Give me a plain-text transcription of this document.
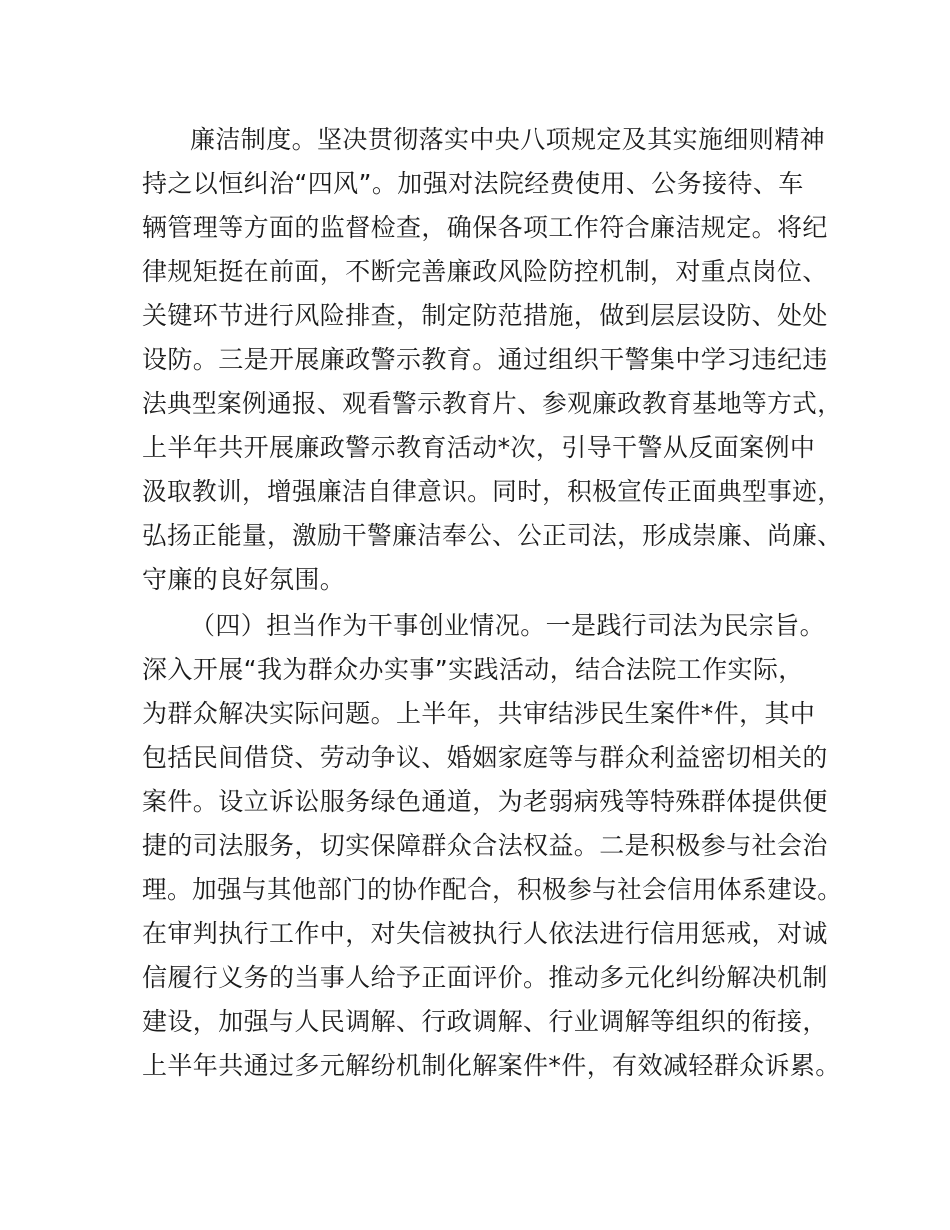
廉洁制度。坚决贯彻落实中央八项规定及其实施细则精神
持之以恒纠治“四风”。加强对法院经费使用、公务接待、车
辆管理等方面的监督检查，确保各项工作符合廉洁规定。将纪
律规矩挺在前面，不断完善廉政风险防控机制，对重点岗位、
关键环节进行风险排查，制定防范措施，做到层层设防、处处
设防。三是开展廉政警示教育。通过组织干警集中学习违纪违
法典型案例通报、观看警示教育片、参观廉政教育基地等方式，
上半年共开展廉政警示教育活动*次，引导干警从反面案例中
汲取教训，增强廉洁自律意识。同时，积极宣传正面典型事迹，
弘扬正能量，激励干警廉洁奉公、公正司法，形成崇廉、尚廉、
守廉的良好氛围。
（四）担当作为干事创业情况。一是践行司法为民宗旨。
深入开展“我为群众办实事”实践活动，结合法院工作实际，
为群众解决实际问题。上半年，共审结涉民生案件*件，其中
包括民间借贷、劳动争议、婚姻家庭等与群众利益密切相关的
案件。设立诉讼服务绿色通道，为老弱病残等特殊群体提供便
捷的司法服务，切实保障群众合法权益。二是积极参与社会治
理。加强与其他部门的协作配合，积极参与社会信用体系建设。
在审判执行工作中，对失信被执行人依法进行信用惩戒，对诚
信履行义务的当事人给予正面评价。推动多元化纠纷解决机制
建设，加强与人民调解、行政调解、行业调解等组织的衔接，
上半年共通过多元解纷机制化解案件*件，有效减轻群众诉累。
